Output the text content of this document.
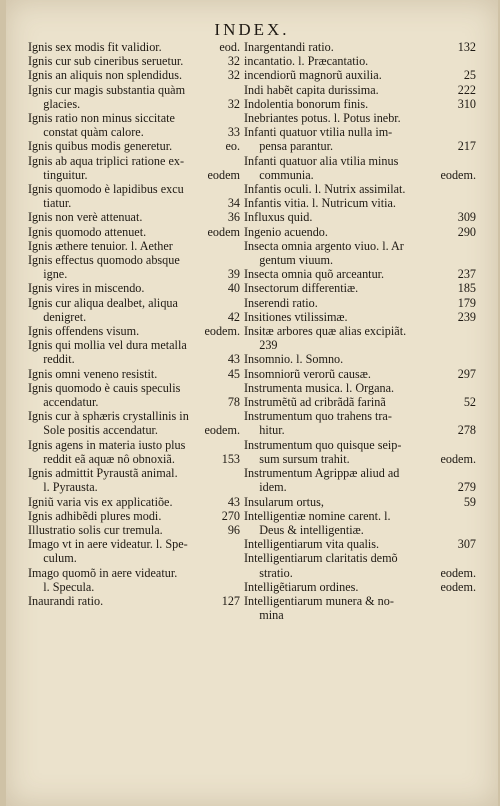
INDEX.
Ignis sex modis fit validior.	eod.
Ignis cur sub cineribus seruetur.	32
Ignis an aliquis non splendidus.	32
Ignis cur magis substantia quàm
glacies.	32
Ignis ratio non minus siccitate
constat quàm calore.	33
Ignis quibus modis generetur.	eo.
Ignis ab aqua triplici ratione ex-
tinguitur.	eodem
Ignis quomodo è lapidibus excu
tiatur.	34
Ignis non verè attenuat.	36
Ignis quomodo attenuet.	eodem
Ignis æthere tenuior. l. Aether
Ignis effectus quomodo absque
igne.	39
Ignis vires in miscendo.	40
Ignis cur aliqua dealbet, aliqua
denigret.	42
Ignis offendens visum.	eodem.
Ignis qui mollia vel dura metalla
reddit.	43
Ignis omni veneno resistit.	45
Ignis quomodo è cauis speculis
accendatur.	78
Ignis cur à sphæris crystallinis in
Sole positis accendatur.	eodem.
Ignis agens in materia iusto plus
reddit eã aquæ nô obnoxiã.	153
Ignis admittit Pyraustã animal.
l. Pyrausta.
Igniũ varia vis ex applicatiõe.	43
Ignis adhibẽdi plures modi.	270
Illustratio solis cur tremula.	96
Imago vt in aere videatur. l. Spe-
culum.
Imago quomõ in aere videatur.
l. Specula.
Inaurandi ratio.	127
Inargentandi ratio.	132
incantatio. l. Præcantatio.
incendiorũ magnorũ auxilia.	25
Indi habẽt capita durissima.	222
Indolentia bonorum finis.	310
Inebriantes potus. l. Potus inebr.
Infanti quatuor vtilia nulla im-
pensa parantur.	217
Infanti quatuor alia vtilia minus
communia.	eodem.
Infantis oculi. l. Nutrix assimilat.
Infantis vitia. l. Nutricum vitia.
Influxus quid.	309
Ingenio acuendo.	290
Insecta omnia argento viuo. l. Ar
gentum viuum.
Insecta omnia quõ arceantur.	237
Insectorum differentiæ.	185
Inserendi ratio.	179
Insitiones vtilissimæ.	239
Insitæ arbores quæ alias excipiãt.
239
Insomnio. l. Somno.
Insomniorũ verorũ causæ.	297
Instrumenta musica. l. Organa.
Instrumẽtũ ad cribrãdã farinã	52
Instrumentum quo trahens tra-
hitur.	278
Instrumentum quo quisque seip-
sum sursum trahit.	eodem.
Instrumentum Agrippæ aliud ad
idem.	279
Insularum ortus,	59
Intelligentiæ nomine carent. l.
Deus & intelligentiæ.
Intelligentiarum vita qualis.	307
Intelligentiarum claritatis demõ
stratio.	eodem.
Intelligẽtiarum ordines.	eodem.
Intelligentiarum munera & no-
mina
